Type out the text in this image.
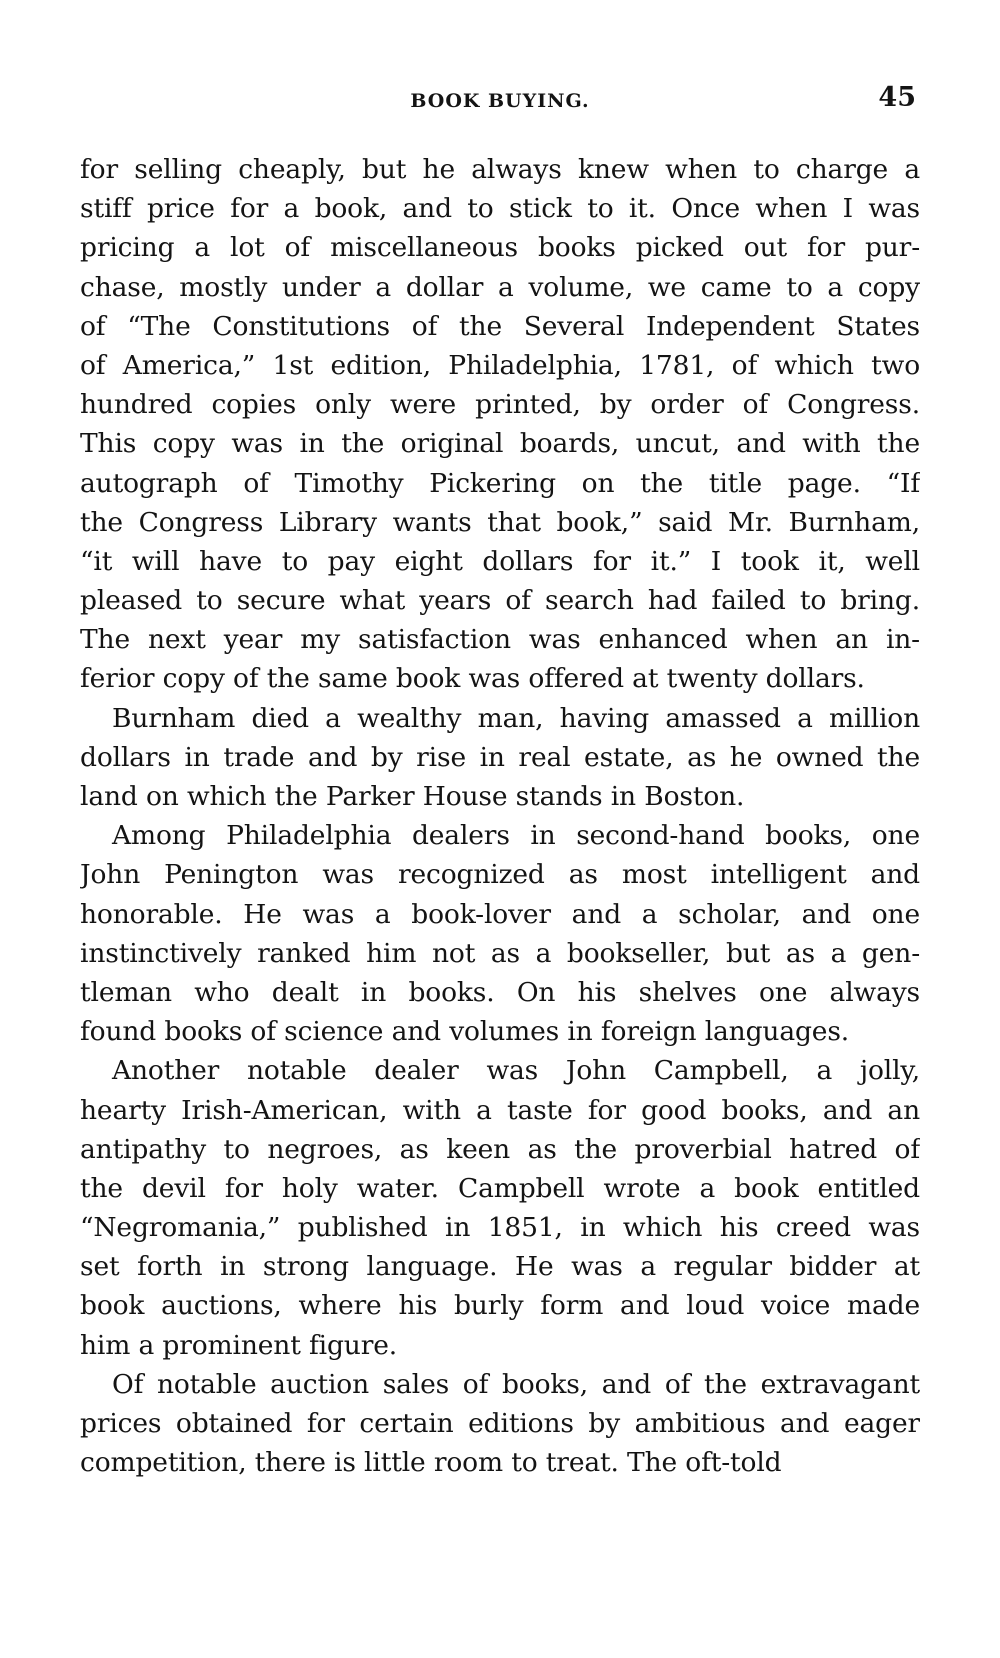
BOOK BUYING.	45
for selling cheaply, but he always knew when to charge a
stiff price for a book, and to stick to it. Once when I was
pricing a lot of miscellaneous books picked out for pur-
chase, mostly under a dollar a volume, we came to a copy
of “The Constitutions of the Several Independent States
of America,” 1st edition, Philadelphia, 1781, of which two
hundred copies only were printed, by order of Congress.
This copy was in the original boards, uncut, and with the
autograph of Timothy Pickering on the title page. “If
the Congress Library wants that book,” said Mr. Burnham,
“it will have to pay eight dollars for it.” I took it, well
pleased to secure what years of search had failed to bring.
The next year my satisfaction was enhanced when an in-
ferior copy of the same book was offered at twenty dollars.
Burnham died a wealthy man, having amassed a million
dollars in trade and by rise in real estate, as he owned the
land on which the Parker House stands in Boston.
Among Philadelphia dealers in second-hand books, one
John Penington was recognized as most intelligent and
honorable. He was a book-lover and a scholar, and one
instinctively ranked him not as a bookseller, but as a gen-
tleman who dealt in books. On his shelves one always
found books of science and volumes in foreign languages.
Another notable dealer was John Campbell, a jolly,
hearty Irish-American, with a taste for good books, and an
antipathy to negroes, as keen as the proverbial hatred of
the devil for holy water. Campbell wrote a book entitled
“Negromania,” published in 1851, in which his creed was
set forth in strong language. He was a regular bidder at
book auctions, where his burly form and loud voice made
him a prominent figure.
Of notable auction sales of books, and of the extravagant
prices obtained for certain editions by ambitious and eager
competition, there is little room to treat. The oft-told
